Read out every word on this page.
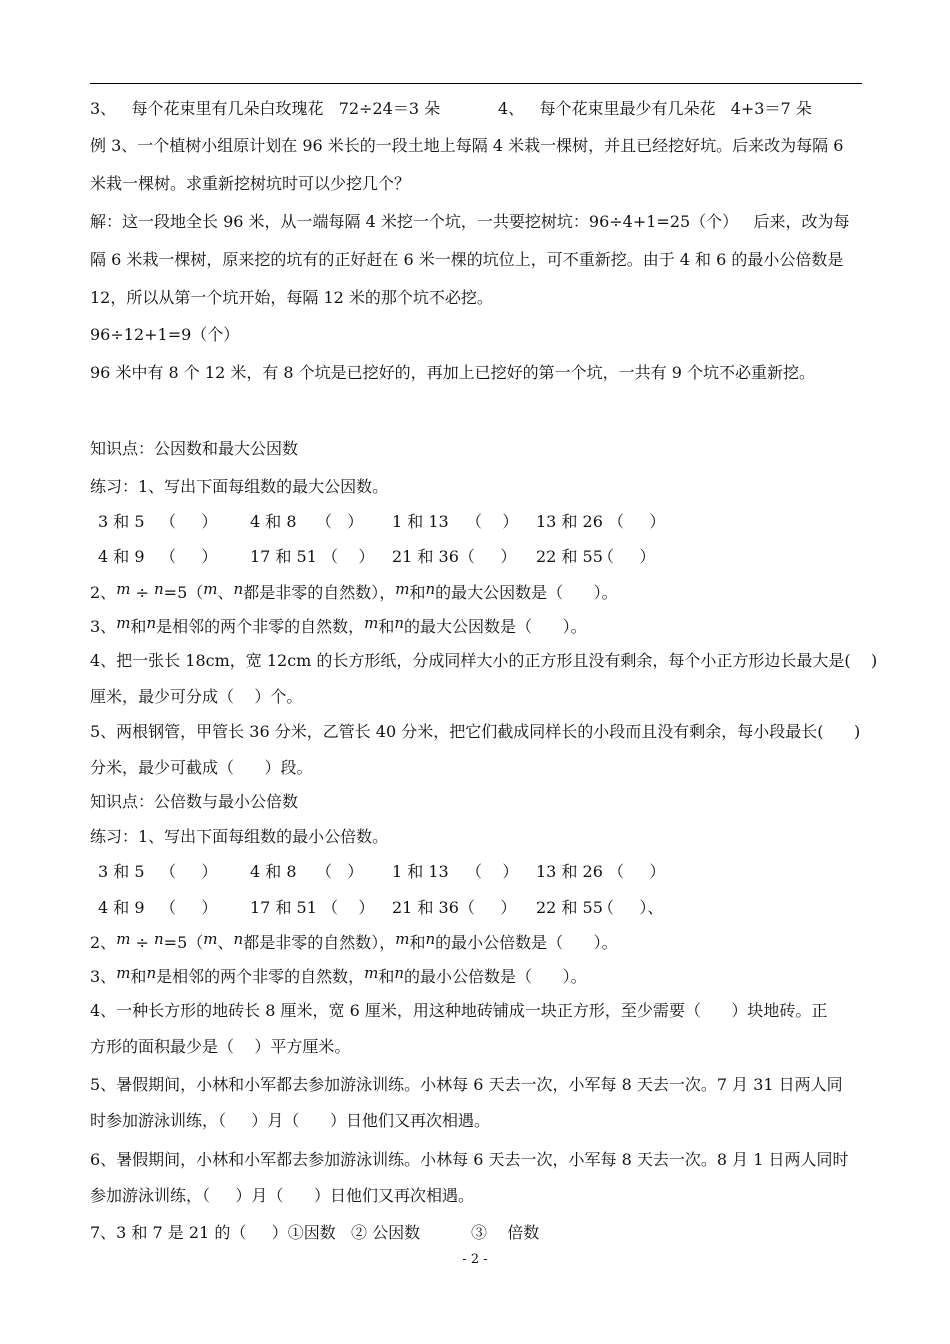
3、   每个花束里有几朵白玫瑰花   72÷24＝3 朵	4、   每个花束里最少有几朵花   4+3＝7 朵
例 3、一个植树小组原计划在 96 米长的一段土地上每隔 4 米栽一棵树，并且已经挖好坑。后来改为每隔 6
米栽一棵树。求重新挖树坑时可以少挖几个？
解：这一段地全长 96 米，从一端每隔 4 米挖一个坑，一共要挖树坑：96÷4+1=25（个）   后来，改为每
隔 6 米栽一棵树，原来挖的坑有的正好赶在 6 米一棵的坑位上，可不重新挖。由于 4 和 6 的最小公倍数是
12，所以从第一个坑开始，每隔 12 米的那个坑不必挖。
96÷12+1=9（个）
96 米中有 8 个 12 米，有 8 个坑是已挖好的，再加上已挖好的第一个坑，一共有 9 个坑不必重新挖。
知识点：公因数和最大公因数
练习：1、写出下面每组数的最大公因数。
3 和 5 （     ） 4 和 8 （   ） 1 和 13 （    ） 13 和 26 （     ）
4 和 9 （     ） 17 和 51 （    ） 21 和 36（     ） 22 和 55
（     ）
2、m ÷ n=5（m、n都是非零的自然数），m和n的最大公因数是（      ）。
3、m和n是相邻的两个非零的自然数，m和n的最大公因数是（      ）。
4、把一张长 18cm，宽 12cm 的长方形纸，分成同样大小的正方形且没有剩余，每个小正方形边长最大是(    )
厘米，最少可分成（    ）个。
5、两根钢管，甲管长 36 分米，乙管长 40 分米，把它们截成同样长的小段而且没有剩余，每小段最长(      )
分米，最少可截成（      ）段。
知识点：公倍数与最小公倍数
练习：1、写出下面每组数的最小公倍数。
3 和 5 （     ） 4 和 8 （   ） 1 和 13 （    ） 13 和 26 （     ）
4 和 9 （     ） 17 和 51 （    ） 21 和 36（     ） 22 和 55
（     ）、
2、m ÷ n=5（m、n都是非零的自然数），m和n的最小公倍数是（      ）。
3、m和n是相邻的两个非零的自然数，m和n的最小公倍数是（      ）。
4、一种长方形的地砖长 8 厘米，宽 6 厘米，用这种地砖铺成一块正方形，至少需要（      ）块地砖。正
方形的面积最少是（    ）平方厘米。
5、暑假期间，小林和小军都去参加游泳训练。小林每 6 天去一次，小军每 8 天去一次。7 月 31 日两人同
时参加游泳训练，（     ）月（      ）日他们又再次相遇。
6、暑假期间，小林和小军都去参加游泳训练。小林每 6 天去一次，小军每 8 天去一次。8 月 1 日两人同时
参加游泳训练，（     ）月（      ）日他们又再次相遇。
7、3 和 7 是 21 的（     ）①因数   ② 公因数          ③    倍数
- 2 -
